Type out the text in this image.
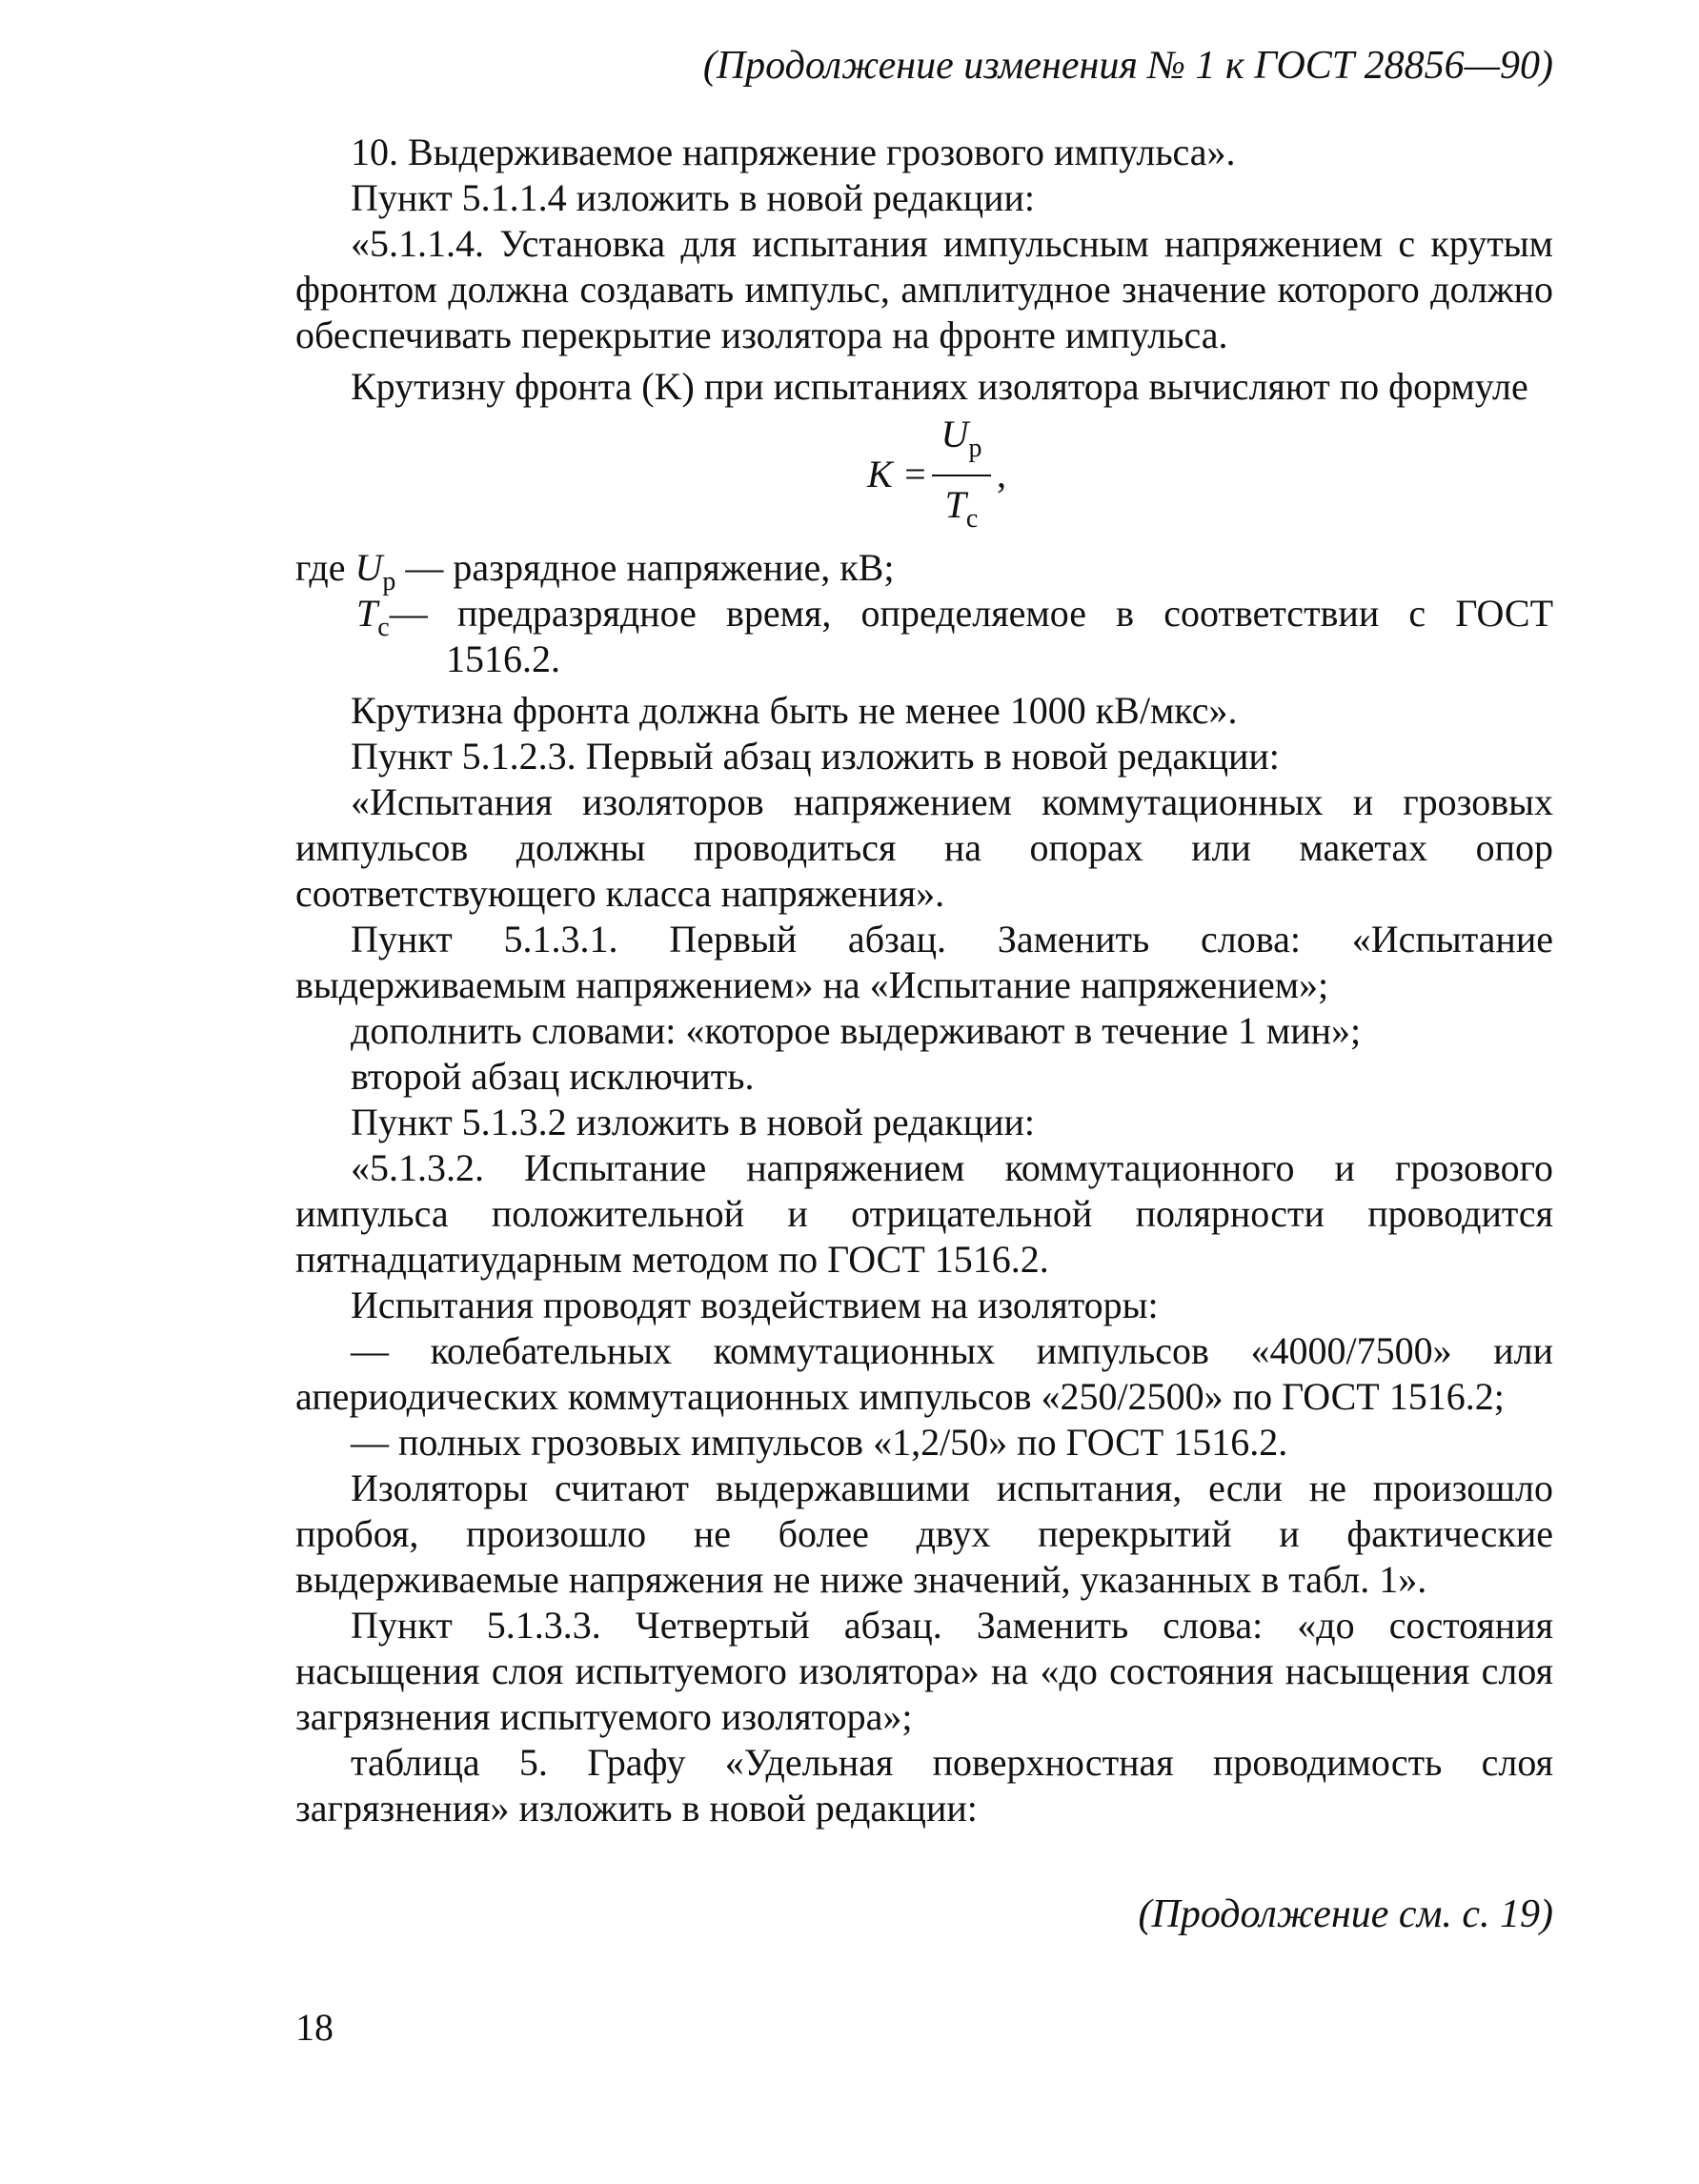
(Продолжение изменения № 1 к ГОСТ 28856—90)

10. Выдерживаемое напряжение грозового импульса».

Пункт 5.1.1.4 изложить в новой редакции:

«5.1.1.4. Установка для испытания импульсным напряжением с крутым фронтом должна создавать импульс, амплитудное значение которого должно обеспечивать перекрытие изолятора на фронте импульса.

Крутизну фронта (K) при испытаниях изолятора вычисляют по формуле

K =
$U_р$
$T_с$
,

где $U_р$ — разрядное напряжение, кВ;

$T_с—$ предразрядное время, определяемое в соответствии с ГОСТ

1516.2.

Крутизна фронта должна быть не менее 1000 кВ/мкс».

Пункт 5.1.2.3. Первый абзац изложить в новой редакции:

«Испытания изоляторов напряжением коммутационных и грозовых импульсов должны проводиться на опорах или макетах опор соответствующего класса напряжения».

Пункт 5.1.3.1. Первый абзац. Заменить слова: «Испытание выдерживаемым напряжением» на «Испытание напряжением»;

дополнить словами: «которое выдерживают в течение 1 мин»;

второй абзац исключить.

Пункт 5.1.3.2 изложить в новой редакции:

«5.1.3.2. Испытание напряжением коммутационного и грозового импульса положительной и отрицательной полярности проводится пятнадцатиударным методом по ГОСТ 1516.2.

Испытания проводят воздействием на изоляторы:

— колебательных коммутационных импульсов «4000/7500» или апериодических коммутационных импульсов «250/2500» по ГОСТ 1516.2;

— полных грозовых импульсов «1,2/50» по ГОСТ 1516.2.

Изоляторы считают выдержавшими испытания, если не произошло пробоя, произошло не более двух перекрытий и фактические выдерживаемые напряжения не ниже значений, указанных в табл. 1».

Пункт 5.1.3.3. Четвертый абзац. Заменить слова: «до состояния насыщения слоя испытуемого изолятора» на «до состояния насыщения слоя загрязнения испытуемого изолятора»;

таблица 5. Графу «Удельная поверхностная проводимость слоя загрязнения» изложить в новой редакции:

(Продолжение см. с. 19)
18
